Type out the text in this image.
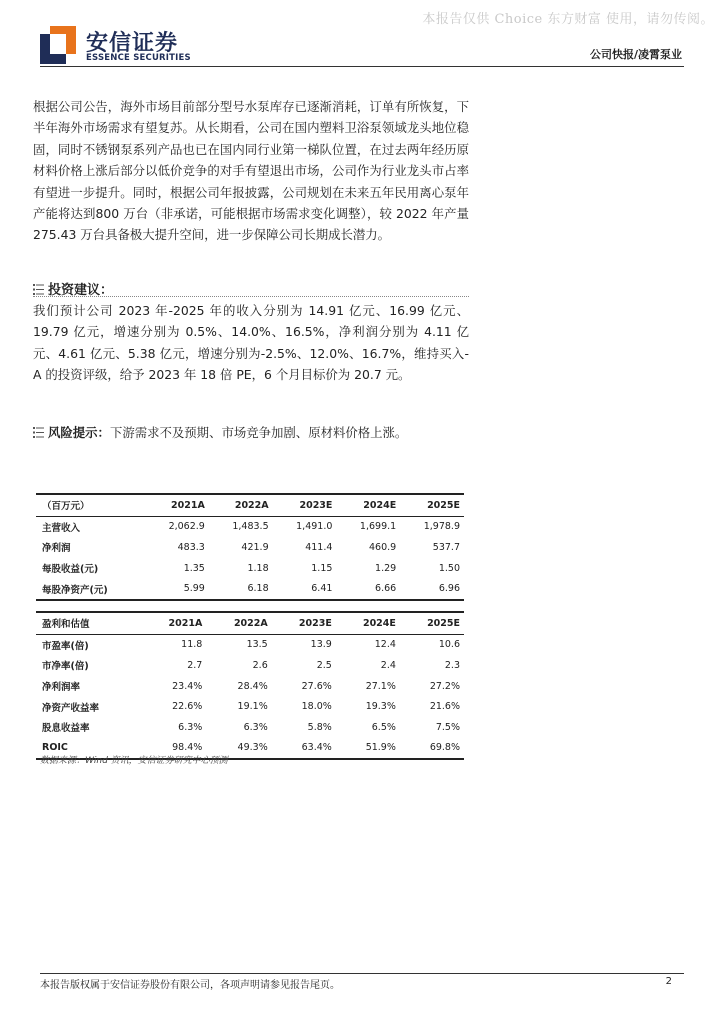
本报告仅供 Choice 东方财富 使用，请勿传阅。
安信证券
ESSENCE SECURITIES	公司快报/凌霄泵业

根据公司公告，海外市场目前部分型号水泵库存已逐渐消耗，订单有所恢复，下半年海外市场需求有望复苏。从长期看，公司在国内塑料卫浴泵领域龙头地位稳固，同时不锈钢泵系列产品也已在国内同行业第一梯队位置，在过去两年经历原材料价格上涨后部分以低价竞争的对手有望退出市场，公司作为行业龙头市占率有望进一步提升。同时，根据公司年报披露，公司规划在未来五年民用离心泵年产能将达到800 万台（非承诺，可能根据市场需求变化调整），较 2022 年产量275.43 万台具备极大提升空间，进一步保障公司长期成长潜力。

投资建议：

我们预计公司 2023 年-2025 年的收入分别为 14.91 亿元、16.99 亿元、19.79 亿元，增速分别为 0.5%、14.0%、16.5%，净利润分别为 4.11 亿元、4.61 亿元、5.38 亿元，增速分别为-2.5%、12.0%、16.7%，维持买入-A 的投资评级，给予 2023 年 18 倍 PE，6 个月目标价为 20.7 元。

风险提示：下游需求不及预期、市场竞争加剧、原材料价格上涨。
（百万元）	2021A	2022A	2023E	2024E	2025E
主营收入	2,062.9	1,483.5	1,491.0	1,699.1	1,978.9
净利润	483.3	421.9	411.4	460.9	537.7
每股收益(元)	1.35	1.18	1.15	1.29	1.50
每股净资产(元)	5.99	6.18	6.41	6.66	6.96
盈利和估值	2021A	2022A	2023E	2024E	2025E
市盈率(倍)	11.8	13.5	13.9	12.4	10.6
市净率(倍)	2.7	2.6	2.5	2.4	2.3
净利润率	23.4%	28.4%	27.6%	27.1%	27.2%
净资产收益率	22.6%	19.1%	18.0%	19.3%	21.6%
股息收益率	6.3%	6.3%	5.8%	6.5%	7.5%
ROIC	98.4%	49.3%	63.4%	51.9%	69.8%
数据来源：Wind 资讯，安信证券研究中心预测
本报告版权属于安信证券股份有限公司，各项声明请参见报告尾页。	2
